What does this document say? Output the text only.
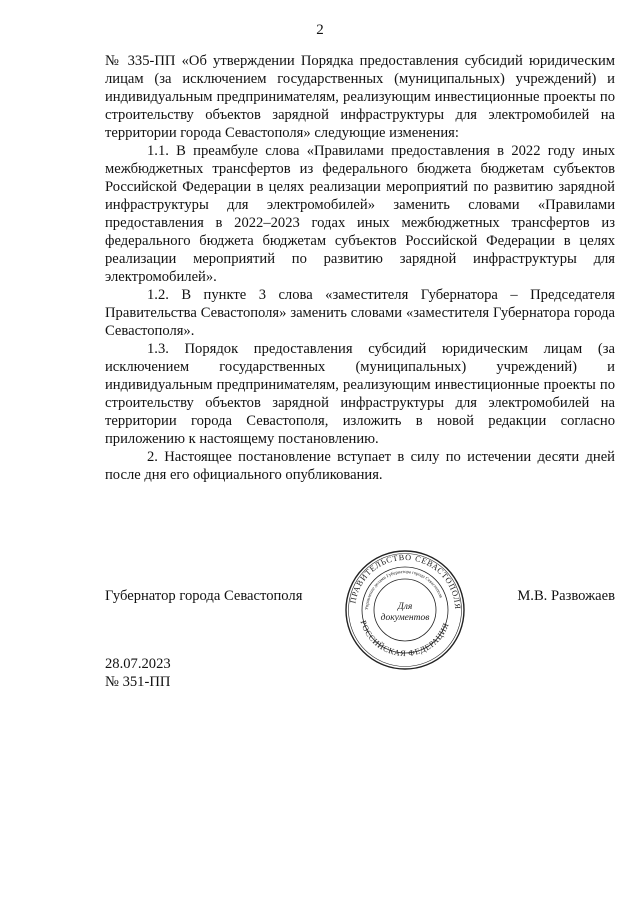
2

№ 335-ПП «Об утверждении Порядка предоставления субсидий юридическим лицам (за исключением государственных (муниципальных) учреждений) и индивидуальным предпринимателям, реализующим инвестиционные проекты по строительству объектов зарядной инфраструктуры для электромобилей на территории города Севастополя» следующие изменения:

1.1. В преамбуле слова «Правилами предоставления в 2022 году иных межбюджетных трансфертов из федерального бюджета бюджетам субъектов Российской Федерации в целях реализации мероприятий по развитию зарядной инфраструктуры для электромобилей» заменить словами «Правилами предоставления в 2022–2023 годах иных межбюджетных трансфертов из федерального бюджета бюджетам субъектов Российской Федерации в целях реализации мероприятий по развитию зарядной инфраструктуры для электромобилей».

1.2. В пункте 3 слова «заместителя Губернатора – Председателя Правительства Севастополя» заменить словами «заместителя Губернатора города Севастополя».

1.3. Порядок предоставления субсидий юридическим лицам (за исключением государственных (муниципальных) учреждений) и индивидуальным предпринимателям, реализующим инвестиционные проекты по строительству объектов зарядной инфраструктуры для электромобилей на территории города Севастополя, изложить в новой редакции согласно приложению к настоящему постановлению.

2. Настоящее постановление вступает в силу по истечении десяти дней после дня его официального опубликования.

Губернатор города Севастополя	М.В. Развожаев
ПРАВИТЕЛЬСТВО СЕВАСТОПОЛЯ
РОССИЙСКАЯ ФЕДЕРАЦИЯ
Управление делами Губернатора города Севастополя
Для
документов
28.07.2023
№ 351-ПП
